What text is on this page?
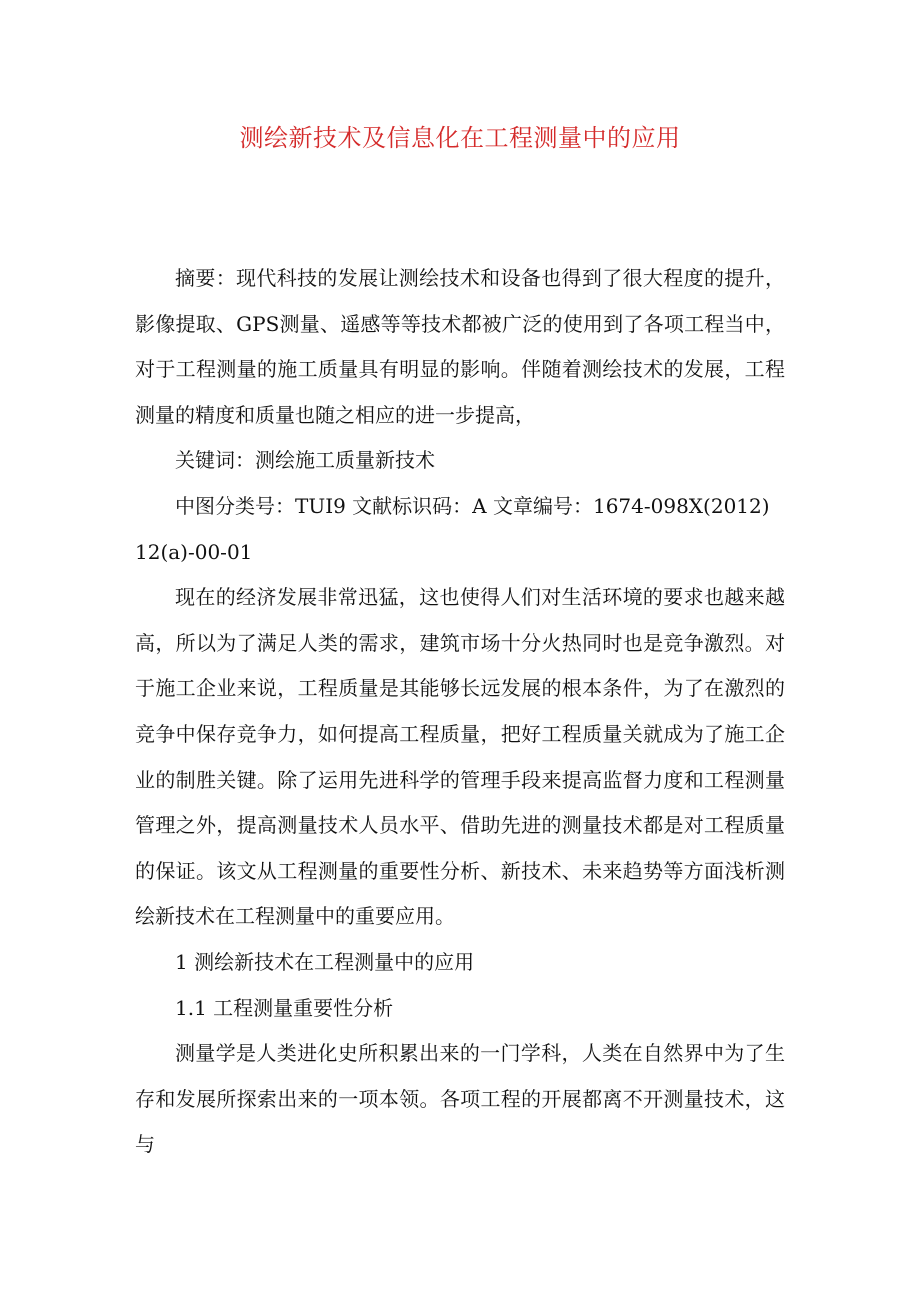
测绘新技术及信息化在工程测量中的应用

摘要：现代科技的发展让测绘技术和设备也得到了很大程度的提升，影像提取、GPS测量、遥感等等技术都被广泛的使用到了各项工程当中，对于工程测量的施工质量具有明显的影响。伴随着测绘技术的发展，工程测量的精度和质量也随之相应的进一步提高，

关键词：测绘施工质量新技术

中图分类号：TUI9 文献标识码：A 文章编号：1674-098X(2012)

12(a)-00-01

现在的经济发展非常迅猛，这也使得人们对生活环境的要求也越来越高，所以为了满足人类的需求，建筑市场十分火热同时也是竞争激烈。对于施工企业来说，工程质量是其能够长远发展的根本条件，为了在激烈的竞争中保存竞争力，如何提高工程质量，把好工程质量关就成为了施工企业的制胜关键。除了运用先进科学的管理手段来提高监督力度和工程测量管理之外，提高测量技术人员水平、借助先进的测量技术都是对工程质量的保证。该文从工程测量的重要性分析、新技术、未来趋势等方面浅析测绘新技术在工程测量中的重要应用。

1 测绘新技术在工程测量中的应用

1.1 工程测量重要性分析

测量学是人类进化史所积累出来的一门学科，人类在自然界中为了生存和发展所探索出来的一项本领。各项工程的开展都离不开测量技术，这与
